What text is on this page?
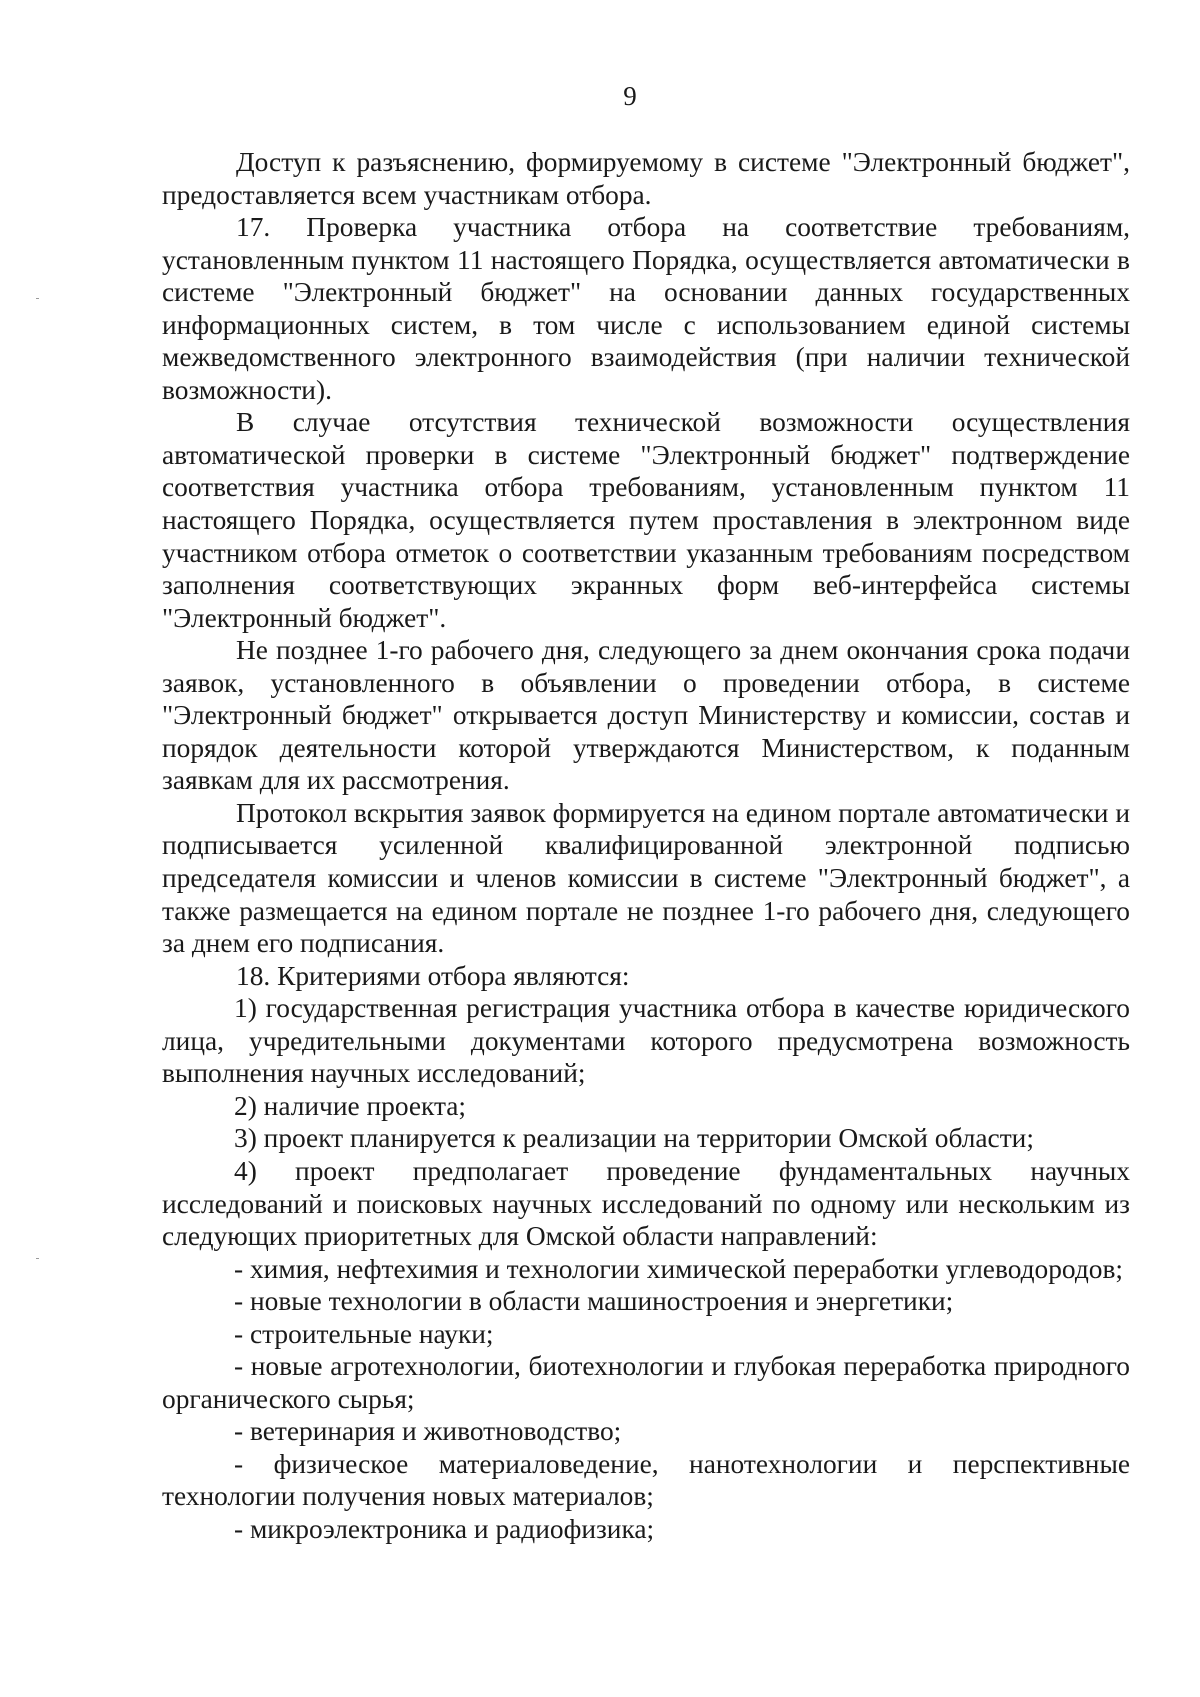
9

Доступ к разъяснению, формируемому в системе "Электронный бюджет", предоставляется всем участникам отбора.

17. Проверка участника отбора на соответствие требованиям, установленным пунктом 11 настоящего Порядка, осуществляется автоматически в системе "Электронный бюджет" на основании данных государственных информационных систем, в том числе с использованием единой системы межведомственного электронного взаимодействия (при наличии технической возможности).

В случае отсутствия технической возможности осуществления автоматической проверки в системе "Электронный бюджет" подтверждение соответствия участника отбора требованиям, установленным пунктом 11 настоящего Порядка, осуществляется путем проставления в электронном виде участником отбора отметок о соответствии указанным требованиям посредством заполнения соответствующих экранных форм веб-интерфейса системы "Электронный бюджет".

Не позднее 1-го рабочего дня, следующего за днем окончания срока подачи заявок, установленного в объявлении о проведении отбора, в системе "Электронный бюджет" открывается доступ Министерству и комиссии, состав и порядок деятельности которой утверждаются Министерством, к поданным заявкам для их рассмотрения.

Протокол вскрытия заявок формируется на едином портале автоматически и подписывается усиленной квалифицированной электронной подписью председателя комиссии и членов комиссии в системе "Электронный бюджет", а также размещается на едином портале не позднее 1-го рабочего дня, следующего за днем его подписания.

18. Критериями отбора являются:

1) государственная регистрация участника отбора в качестве юридического лица, учредительными документами которого предусмотрена возможность выполнения научных исследований;

2) наличие проекта;

3) проект планируется к реализации на территории Омской области;

4) проект предполагает проведение фундаментальных научных исследований и поисковых научных исследований по одному или нескольким из следующих приоритетных для Омской области направлений:

- химия, нефтехимия и технологии химической переработки углеводородов;

- новые технологии в области машиностроения и энергетики;

- строительные науки;

- новые агротехнологии, биотехнологии и глубокая переработка природного органического сырья;

- ветеринария и животноводство;

- физическое материаловедение, нанотехнологии и перспективные технологии получения новых материалов;

- микроэлектроника и радиофизика;
